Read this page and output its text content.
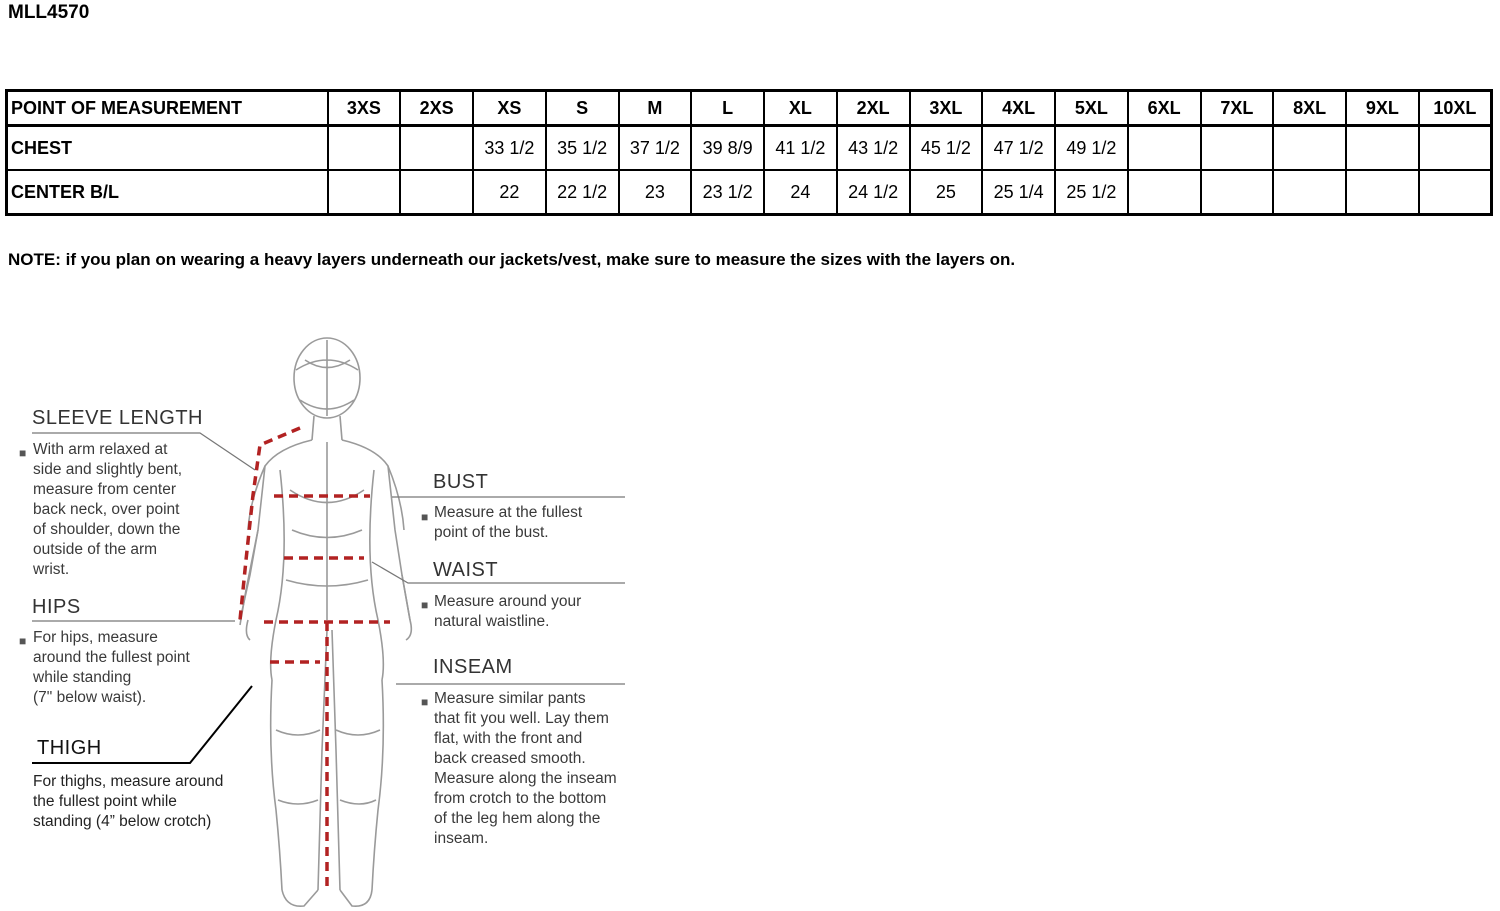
MLL4570
POINT OF MEASUREMENT	3XS	2XS	XS	S	M	L	XL	2XL	3XL	4XL	5XL	6XL	7XL	8XL	9XL	10XL
CHEST			33 1/2	35 1/2	37 1/2	39 8/9	41 1/2	43 1/2	45 1/2	47 1/2	49 1/2					
CENTER B/L			22	22 1/2	23	23 1/2	24	24 1/2	25	25 1/4	25 1/2					
NOTE: if you plan on wearing a heavy layers underneath our jackets/vest, make sure to measure the sizes with the layers on.
SLEEVE LENGTH
■ With arm relaxed at
side and slightly bent,
measure from center
back neck, over point
of shoulder, down the
outside of the arm
wrist.
HIPS
■ For hips, measure
around the fullest point
while standing
(7" below waist).
THIGH
For thighs, measure around
the fullest point while
standing (4” below crotch)
BUST
■ Measure at the fullest
point of the bust.
WAIST
■ Measure around your
natural waistline.
INSEAM
■ Measure similar pants
that fit you well. Lay them
flat, with the front and
back creased smooth.
Measure along the inseam
from crotch to the bottom
of the leg hem along the
inseam.
